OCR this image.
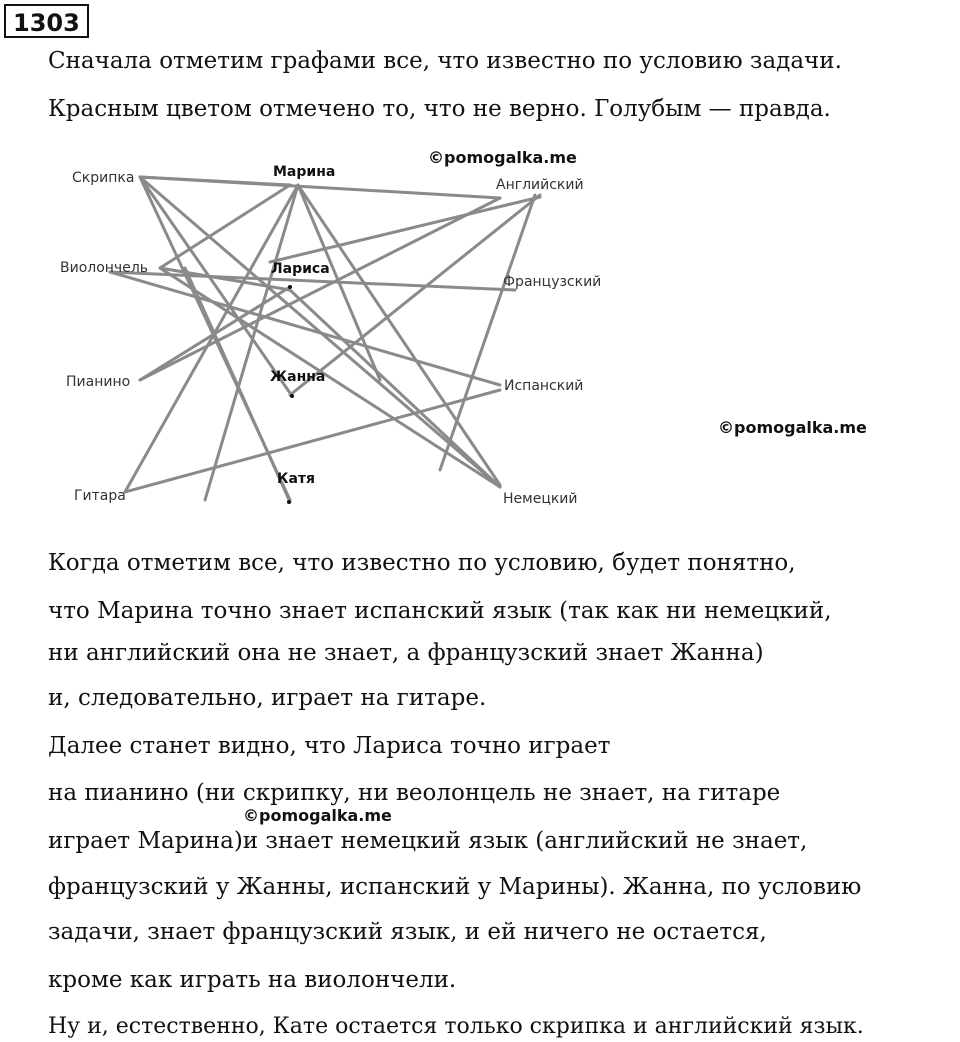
1303
Сначала отметим графами все, что известно по условию задачи.
Красным цветом отмечено то, что не верно. Голубым — правда.
©pomogalka.me
©pomogalka.me
©pomogalka.me
Скрипка
Виолончель
Пианино
Гитара
Марина
Лариса
Жанна
Катя
Английский
Французский
Испанский
Немецкий
Когда отметим все, что известно по условию, будет понятно,
что Марина точно знает испанский язык (так как ни немецкий,
ни английский она не знает, а французский знает Жанна)
и, следовательно, играет на гитаре.
Далее станет видно, что Лариса точно играет
на пианино (ни скрипку, ни веолонцель не знает, на гитаре
играет Марина)и знает немецкий язык (английский не знает,
французский у Жанны, испанский у Марины). Жанна, по условию
задачи, знает французский язык, и ей ничего не остается,
кроме как играть на виолончели.
Ну и, естественно, Кате остается только скрипка и английский язык.
